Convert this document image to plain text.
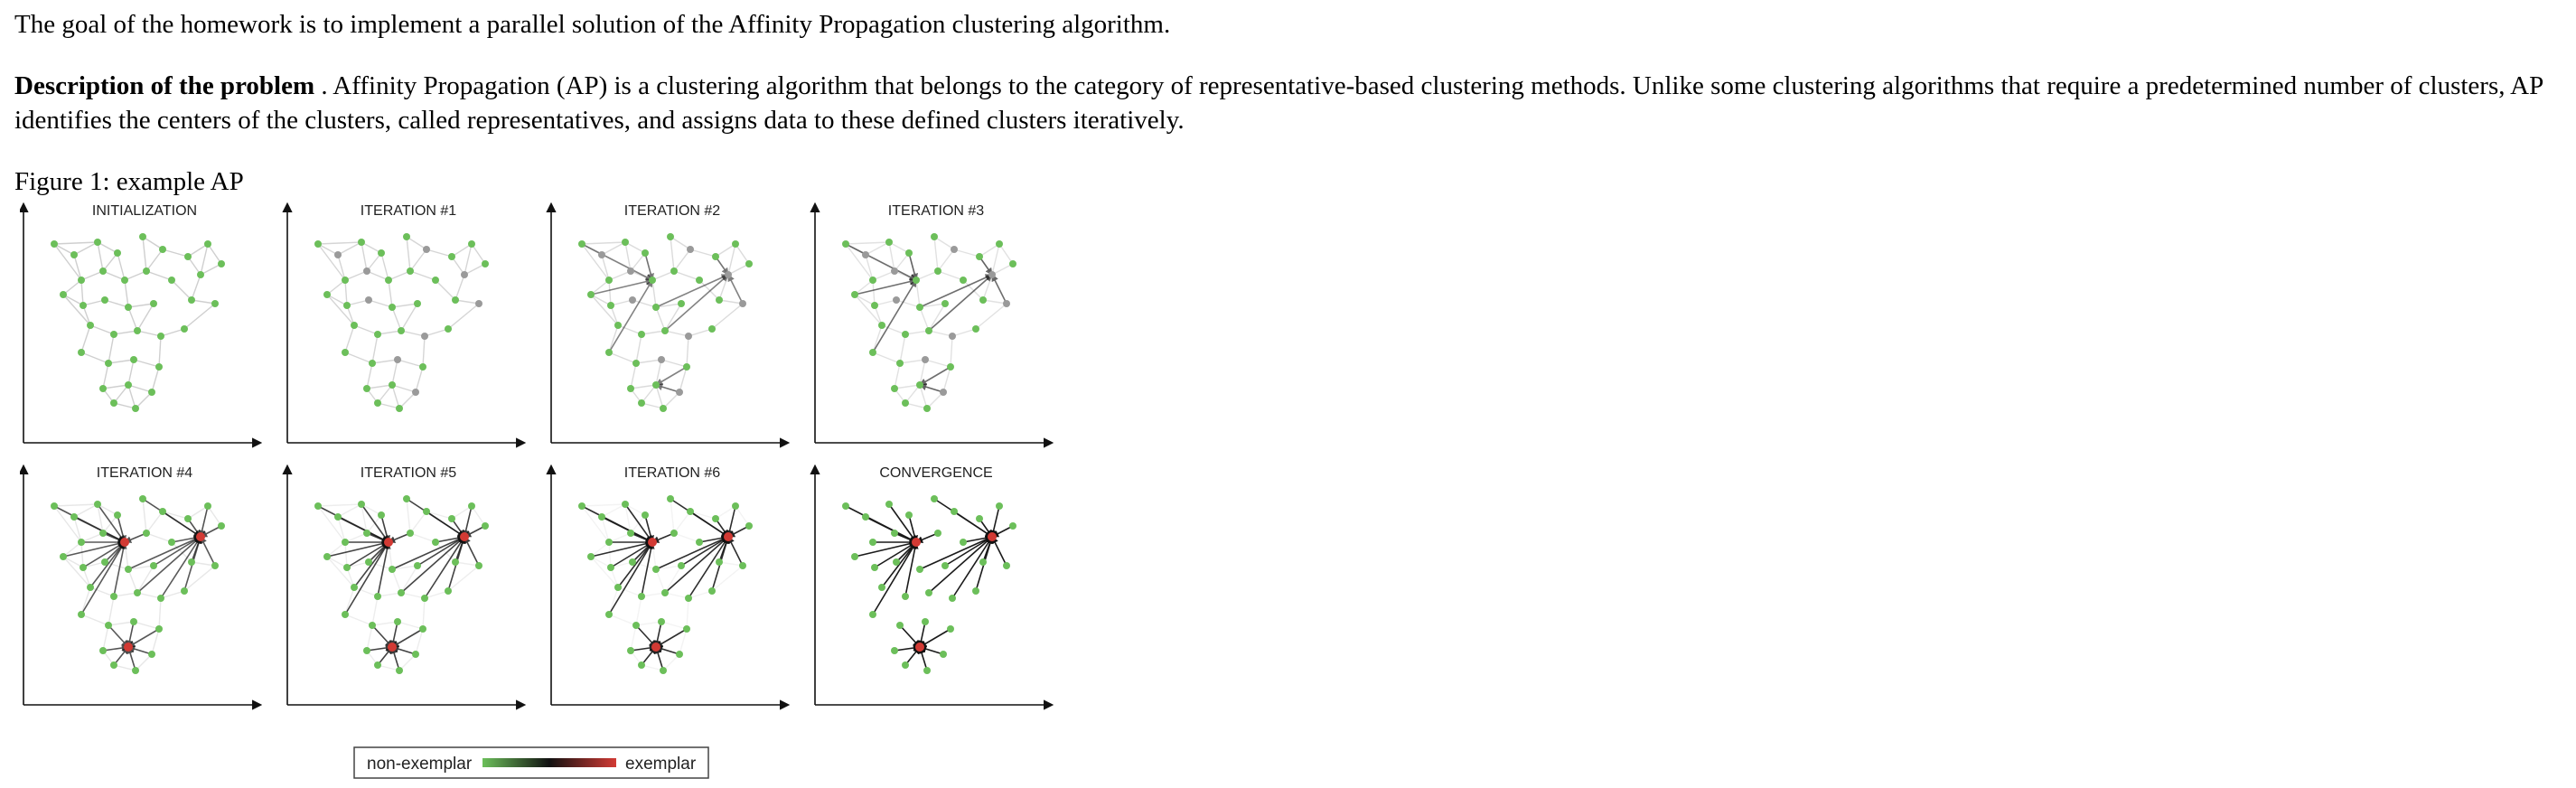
The goal of the homework is to implement a parallel solution of the Affinity Propagation clustering algorithm.

Description of the problem . Affinity Propagation (AP) is a clustering algorithm that belongs to the category of representative-based clustering methods. Unlike some clustering algorithms that require a predetermined number of clusters, AP identifies the centers of the clusters, called representatives, and assigns data to these defined clusters iteratively.

Figure 1: example AP

INITIALIZATION	ITERATION #1	ITERATION #2	ITERATION #3
ITERATION #4	ITERATION #5	ITERATION #6	CONVERGENCE
non-exemplar	exemplar
